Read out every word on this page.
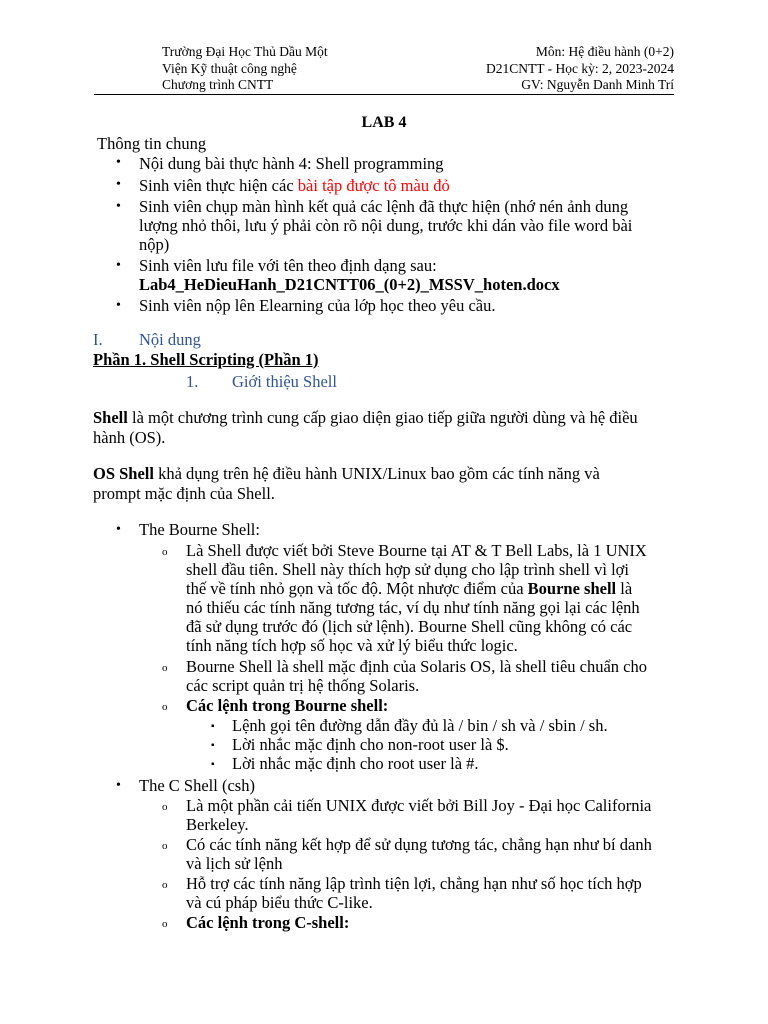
Trường Đại Học Thủ Dầu Một
Viện Kỹ thuật công nghệ
Chương trình CNTT
Môn: Hệ điều hành (0+2)
D21CNTT - Học kỳ: 2, 2023-2024
GV: Nguyễn Danh Minh Trí
LAB 4
Thông tin chung
• Nội dung bài thực hành 4: Shell programming
• Sinh viên thực hiện các bài tập được tô màu đỏ
• Sinh viên chụp màn hình kết quả các lệnh đã thực hiện (nhớ nén ảnh dung
lượng nhỏ thôi, lưu ý phải còn rõ nội dung, trước khi dán vào file word bài
nộp)
• Sinh viên lưu file với tên theo định dạng sau:
Lab4_HeDieuHanh_D21CNTT06_(0+2)_MSSV_hoten.docx
• Sinh viên nộp lên Elearning của lớp học theo yêu cầu.
I. Nội dung
Phần 1. Shell Scripting (Phần 1)
1. Giới thiệu Shell
Shell là một chương trình cung cấp giao diện giao tiếp giữa người dùng và hệ điều
hành (OS).
OS Shell khả dụng trên hệ điều hành UNIX/Linux bao gồm các tính năng và
prompt mặc định của Shell.
• The Bourne Shell:
o Là Shell được viết bởi Steve Bourne tại AT & T Bell Labs, là 1 UNIX
shell đầu tiên. Shell này thích hợp sử dụng cho lập trình shell vì lợi
thế về tính nhỏ gọn và tốc độ. Một nhược điểm của Bourne shell là
nó thiếu các tính năng tương tác, ví dụ như tính năng gọi lại các lệnh
đã sử dụng trước đó (lịch sử lệnh). Bourne Shell cũng không có các
tính năng tích hợp số học và xử lý biểu thức logic.
o Bourne Shell là shell mặc định của Solaris OS, là shell tiêu chuẩn cho
các script quản trị hệ thống Solaris.
o Các lệnh trong Bourne shell:
▪ Lệnh gọi tên đường dẫn đầy đủ là / bin / sh và / sbin / sh.
▪ Lời nhắc mặc định cho non-root user là $.
▪ Lời nhắc mặc định cho root user là #.
• The C Shell (csh)
o Là một phần cải tiến UNIX được viết bởi Bill Joy - Đại học California
Berkeley.
o Có các tính năng kết hợp để sử dụng tương tác, chẳng hạn như bí danh
và lịch sử lệnh
o Hỗ trợ các tính năng lập trình tiện lợi, chẳng hạn như số học tích hợp
và cú pháp biểu thức C-like.
o Các lệnh trong C-shell:
